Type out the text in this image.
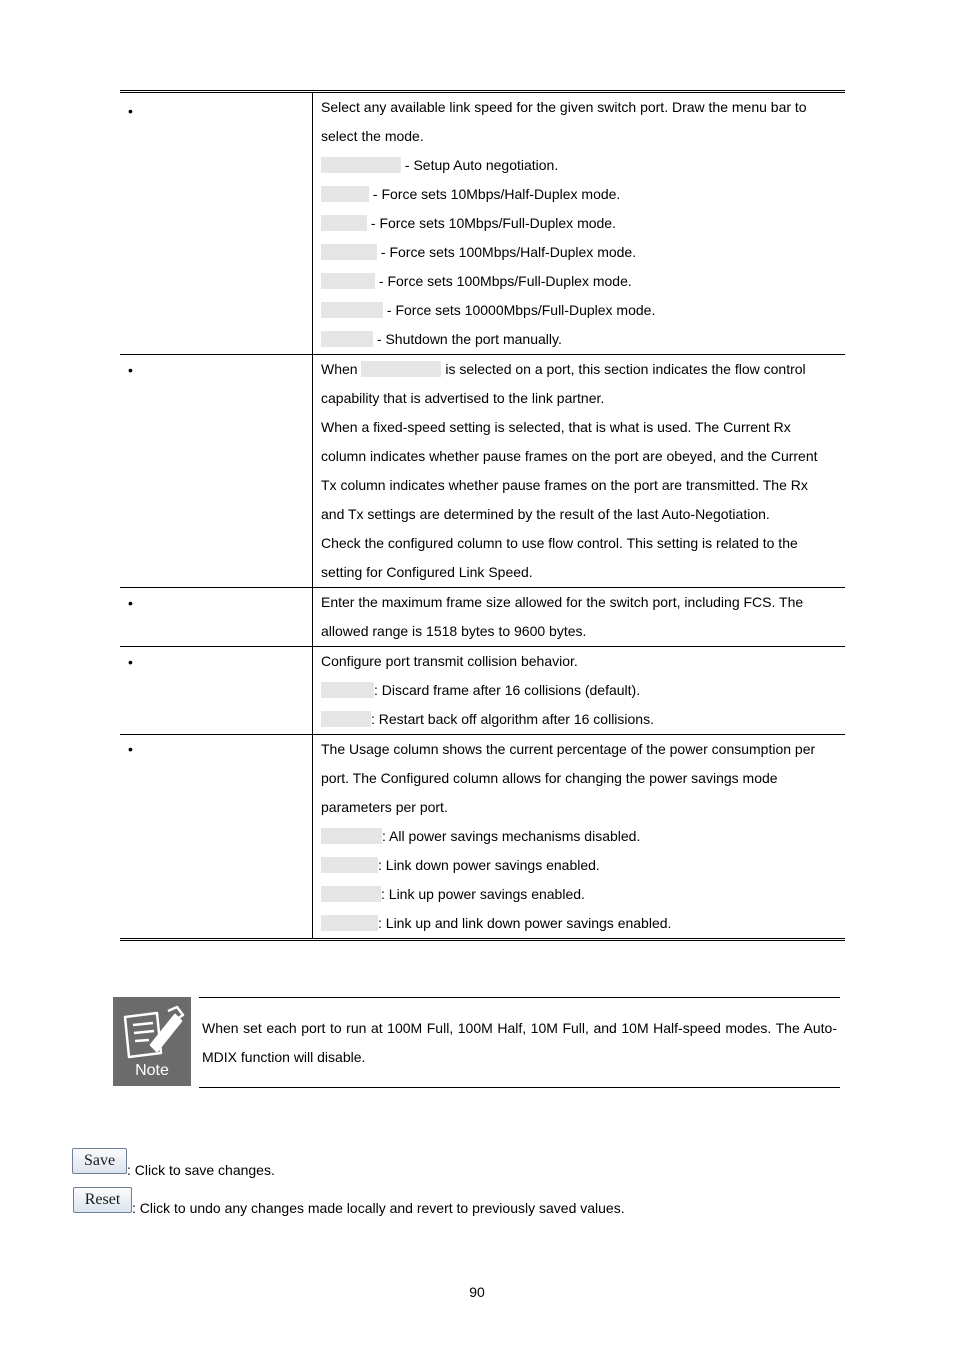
•	Select any available link speed for the given switch port. Draw the menu bar to
select the mode.
- Setup Auto negotiation.
- Force sets 10Mbps/Half-Duplex mode.
- Force sets 10Mbps/Full-Duplex mode.
- Force sets 100Mbps/Half-Duplex mode.
- Force sets 100Mbps/Full-Duplex mode.
- Force sets 10000Mbps/Full-Duplex mode.
- Shutdown the port manually.
•	When	is selected on a port, this section indicates the flow control
capability that is advertised to the link partner.
When a fixed-speed setting is selected, that is what is used. The Current Rx
column indicates whether pause frames on the port are obeyed, and the Current
Tx column indicates whether pause frames on the port are transmitted. The Rx
and Tx settings are determined by the result of the last Auto-Negotiation.
Check the configured column to use flow control. This setting is related to the
setting for Configured Link Speed.
•	Enter the maximum frame size allowed for the switch port, including FCS. The
allowed range is 1518 bytes to 9600 bytes.
•	Configure port transmit collision behavior.
: Discard frame after 16 collisions (default).
: Restart back off algorithm after 16 collisions.
•	The Usage column shows the current percentage of the power consumption per
port. The Configured column allows for changing the power savings mode
parameters per port.
: All power savings mechanisms disabled.
: Link down power savings enabled.
: Link up power savings enabled.
: Link up and link down power savings enabled.
Note
When set each port to run at 100M Full, 100M Half, 10M Full, and 10M Half-speed modes. The Auto-MDIX function will disable.
Save
: Click to save changes.
Reset : Click to undo any changes made locally and revert to previously saved values.
90
